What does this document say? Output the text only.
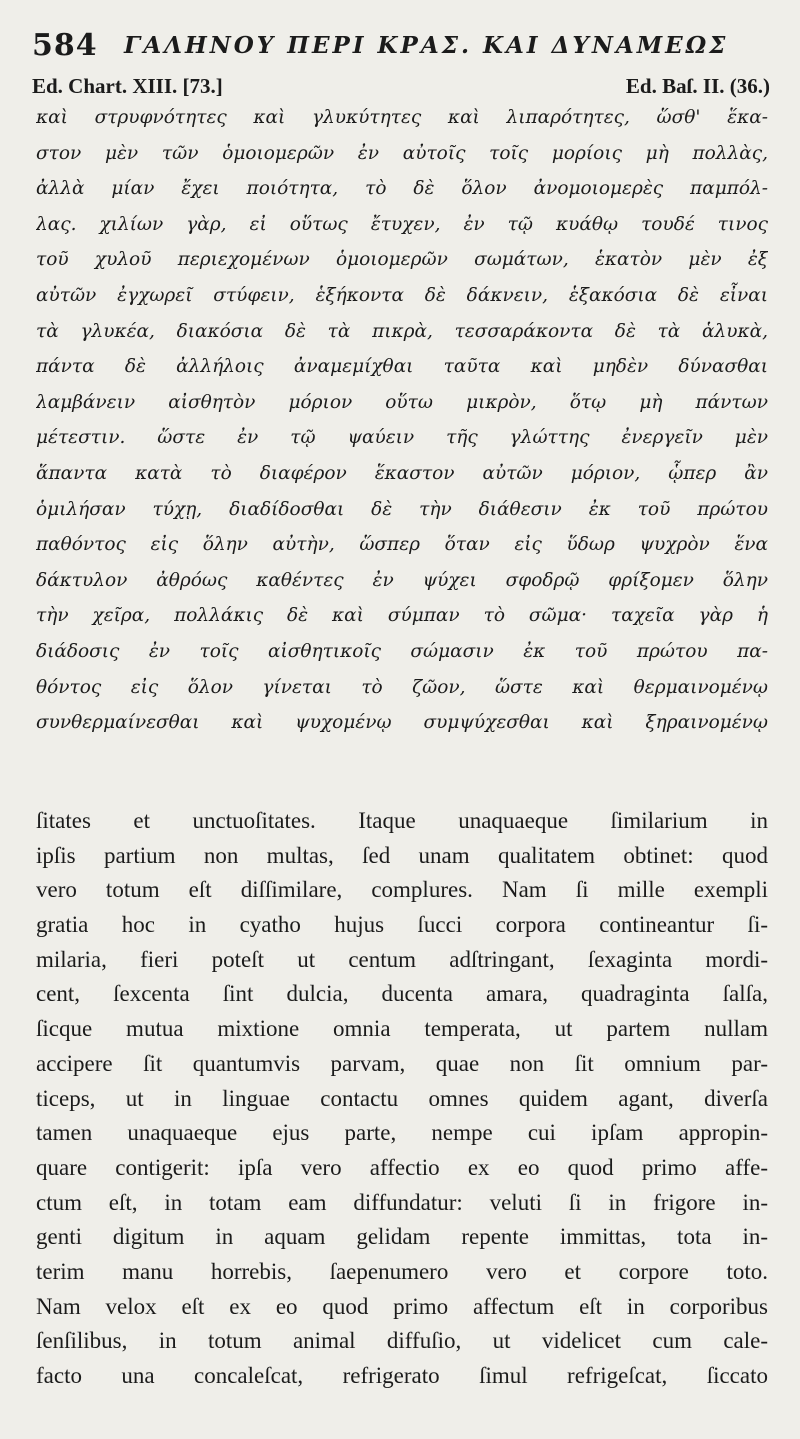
584 ΓΑΛΗΝΟΥ ΠΕΡΙ ΚΡΑΣ. ΚΑΙ ΔΥΝΑΜΕΩΣ
Ed. Chart. XIII. [73.]	Ed. Baſ. II. (36.)
καὶ στρυφνότητες καὶ γλυκύτητες καὶ λιπαρότητες, ὥσθ' ἕκα-
στον μὲν τῶν ὁμοιομερῶν ἐν αὐτοῖς τοῖς μορίοις μὴ πολλὰς,
ἀλλὰ μίαν ἔχει ποιότητα, τὸ δὲ ὅλον ἀνομοιομερὲς παμπόλ-
λας. χιλίων γὰρ, εἰ οὕτως ἔτυχεν, ἐν τῷ κυάθῳ τουδέ τινος
τοῦ χυλοῦ περιεχομένων ὁμοιομερῶν σωμάτων, ἑκατὸν μὲν ἐξ
αὐτῶν ἐγχωρεῖ στύφειν, ἑξήκοντα δὲ δάκνειν, ἑξακόσια δὲ εἶναι
τὰ γλυκέα, διακόσια δὲ τὰ πικρὰ, τεσσαράκοντα δὲ τὰ ἁλυκὰ,
πάντα δὲ ἀλλήλοις ἀναμεμίχθαι ταῦτα καὶ μηδὲν δύνασθαι
λαμβάνειν αἰσθητὸν μόριον οὕτω μικρὸν, ὅτῳ μὴ πάντων
μέτεστιν. ὥστε ἐν τῷ ψαύειν τῆς γλώττης ἐνεργεῖν μὲν
ἅπαντα κατὰ τὸ διαφέρον ἕκαστον αὐτῶν μόριον, ᾧπερ ἂν
ὁμιλήσαν τύχῃ, διαδίδοσθαι δὲ τὴν διάθεσιν ἐκ τοῦ πρώτου
παθόντος εἰς ὅλην αὐτὴν, ὥσπερ ὅταν εἰς ὕδωρ ψυχρὸν ἕνα
δάκτυλον ἀθρόως καθέντες ἐν ψύχει σφοδρῷ φρίξομεν ὅλην
τὴν χεῖρα, πολλάκις δὲ καὶ σύμπαν τὸ σῶμα· ταχεῖα γὰρ ἡ
διάδοσις ἐν τοῖς αἰσθητικοῖς σώμασιν ἐκ τοῦ πρώτου πα-
θόντος εἰς ὅλον γίνεται τὸ ζῶον, ὥστε καὶ θερμαινομένῳ
συνθερμαίνεσθαι καὶ ψυχομένῳ συμψύχεσθαι καὶ ξηραινομένῳ
ſitates et unctuoſitates. Itaque unaquaeque ſimilarium in
ipſis partium non multas, ſed unam qualitatem obtinet: quod
vero totum eſt diſſimilare, complures. Nam ſi mille exempli
gratia hoc in cyatho hujus ſucci corpora contineantur ſi-
milaria, fieri poteſt ut centum adſtringant, ſexaginta mordi-
cent, ſexcenta ſint dulcia, ducenta amara, quadraginta ſalſa,
ſicque mutua mixtione omnia temperata, ut partem nullam
accipere ſit quantumvis parvam, quae non ſit omnium par-
ticeps, ut in linguae contactu omnes quidem agant, diverſa
tamen unaquaeque ejus parte, nempe cui ipſam appropin-
quare contigerit: ipſa vero affectio ex eo quod primo affe-
ctum eſt, in totam eam diffundatur: veluti ſi in frigore in-
genti digitum in aquam gelidam repente immittas, tota in-
terim manu horrebis, ſaepenumero vero et corpore toto.
Nam velox eſt ex eo quod primo affectum eſt in corporibus
ſenſilibus, in totum animal diffuſio, ut videlicet cum cale-
facto una concaleſcat, refrigerato ſimul refrigeſcat, ſiccato
